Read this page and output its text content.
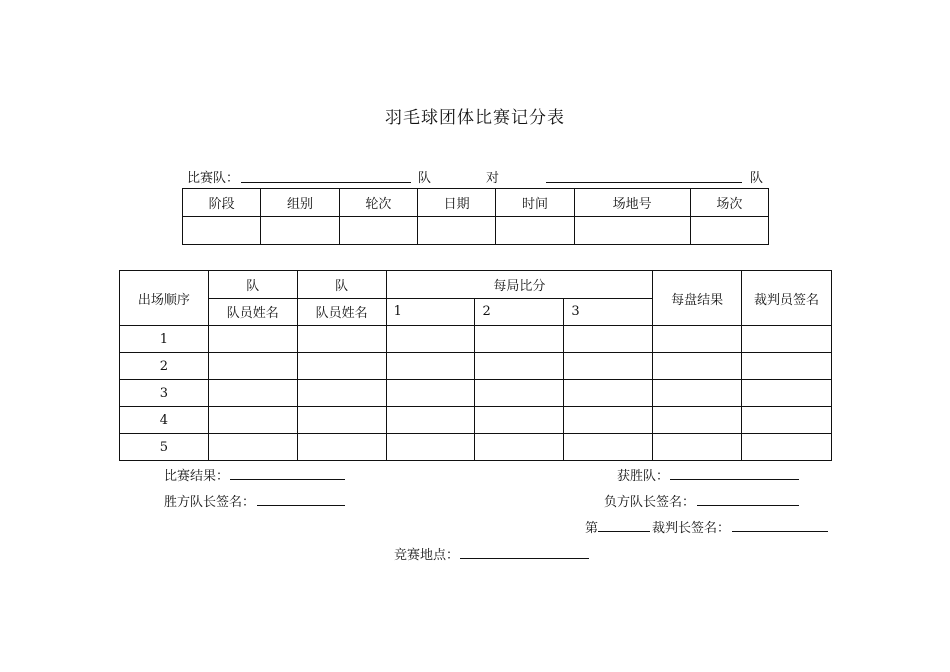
羽毛球团体比赛记分表
比赛队：	队	对	队
阶段	组别	轮次	日期	时间	场地号	场次

出场顺序	队	队	每局比分			每盘结果	裁判员签名
	队员姓名	队员姓名	1	2	3		
1							
2							
3							
4							
5							
比赛结果：	获胜队：
胜方队长签名：	负方队长签名：
第	裁判长签名：
竞赛地点：
